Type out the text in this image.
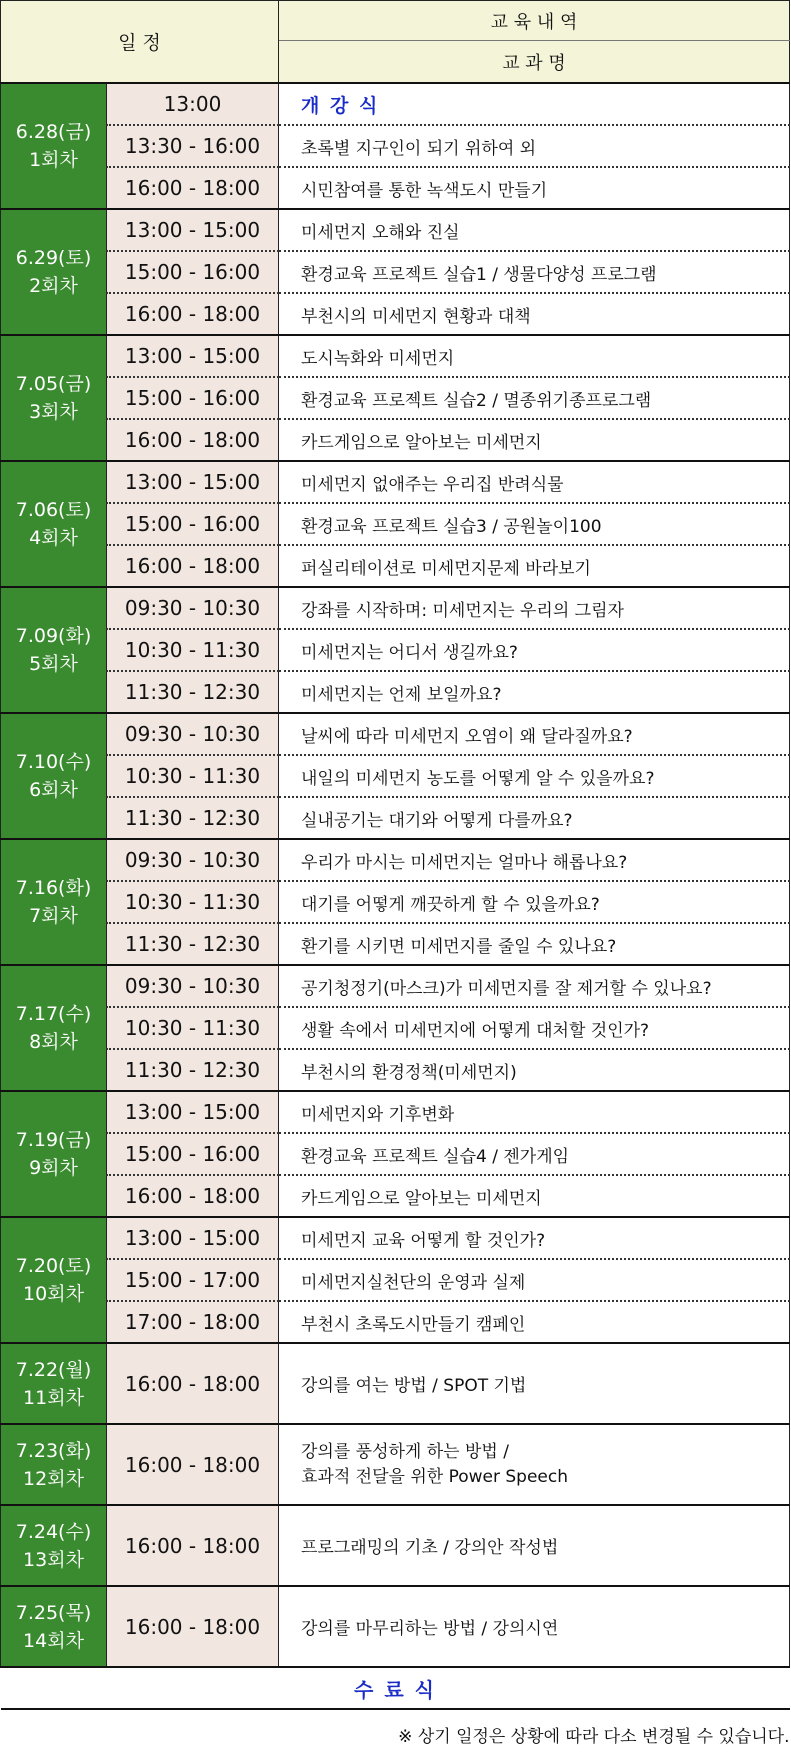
일 정		교 육 내 역
		교 과 명

6.28(금)
1회차	13:00	개 강 식
	13:30 - 16:00	초록별 지구인이 되기 위하여 외
	16:00 - 18:00	시민참여를 통한 녹색도시 만들기

6.29(토)
2회차	13:00 - 15:00	미세먼지 오해와 진실
	15:00 - 16:00	환경교육 프로젝트 실습1 / 생물다양성 프로그램
	16:00 - 18:00	부천시의 미세먼지 현황과 대책

7.05(금)
3회차	13:00 - 15:00	도시녹화와 미세먼지
	15:00 - 16:00	환경교육 프로젝트 실습2 / 멸종위기종프로그램
	16:00 - 18:00	카드게임으로 알아보는 미세먼지

7.06(토)
4회차	13:00 - 15:00	미세먼지 없애주는 우리집 반려식물
	15:00 - 16:00	환경교육 프로젝트 실습3 / 공원놀이100
	16:00 - 18:00	퍼실리테이션로 미세먼지문제 바라보기

7.09(화)
5회차	09:30 - 10:30	강좌를 시작하며: 미세먼지는 우리의 그림자
	10:30 - 11:30	미세먼지는 어디서 생길까요?
	11:30 - 12:30	미세먼지는 언제 보일까요?

7.10(수)
6회차	09:30 - 10:30	날씨에 따라 미세먼지 오염이 왜 달라질까요?
	10:30 - 11:30	내일의 미세먼지 농도를 어떻게 알 수 있을까요?
	11:30 - 12:30	실내공기는 대기와 어떻게 다를까요?

7.16(화)
7회차	09:30 - 10:30	우리가 마시는 미세먼지는 얼마나 해롭나요?
	10:30 - 11:30	대기를 어떻게 깨끗하게 할 수 있을까요?
	11:30 - 12:30	환기를 시키면 미세먼지를 줄일 수 있나요?

7.17(수)
8회차	09:30 - 10:30	공기청정기(마스크)가 미세먼지를 잘 제거할 수 있나요?
	10:30 - 11:30	생활 속에서 미세먼지에 어떻게 대처할 것인가?
	11:30 - 12:30	부천시의 환경정책(미세먼지)

7.19(금)
9회차	13:00 - 15:00	미세먼지와 기후변화
	15:00 - 16:00	환경교육 프로젝트 실습4 / 젠가게임
	16:00 - 18:00	카드게임으로 알아보는 미세먼지

7.20(토)
10회차	13:00 - 15:00	미세먼지 교육 어떻게 할 것인가?
	15:00 - 17:00	미세먼지실천단의 운영과 실제
	17:00 - 18:00	부천시 초록도시만들기 캠페인

7.22(월)
11회차	16:00 - 18:00	강의를 여는 방법 / SPOT 기법

7.23(화)
12회차	16:00 - 18:00	강의를 풍성하게 하는 방법 /
효과적 전달을 위한 Power Speech

7.24(수)
13회차	16:00 - 18:00	프로그래밍의 기초 / 강의안 작성법

7.25(목)
14회차	16:00 - 18:00	강의를 마무리하는 방법 / 강의시연
수 료 식		
※ 상기 일정은 상황에 따라 다소 변경될 수 있습니다.		
